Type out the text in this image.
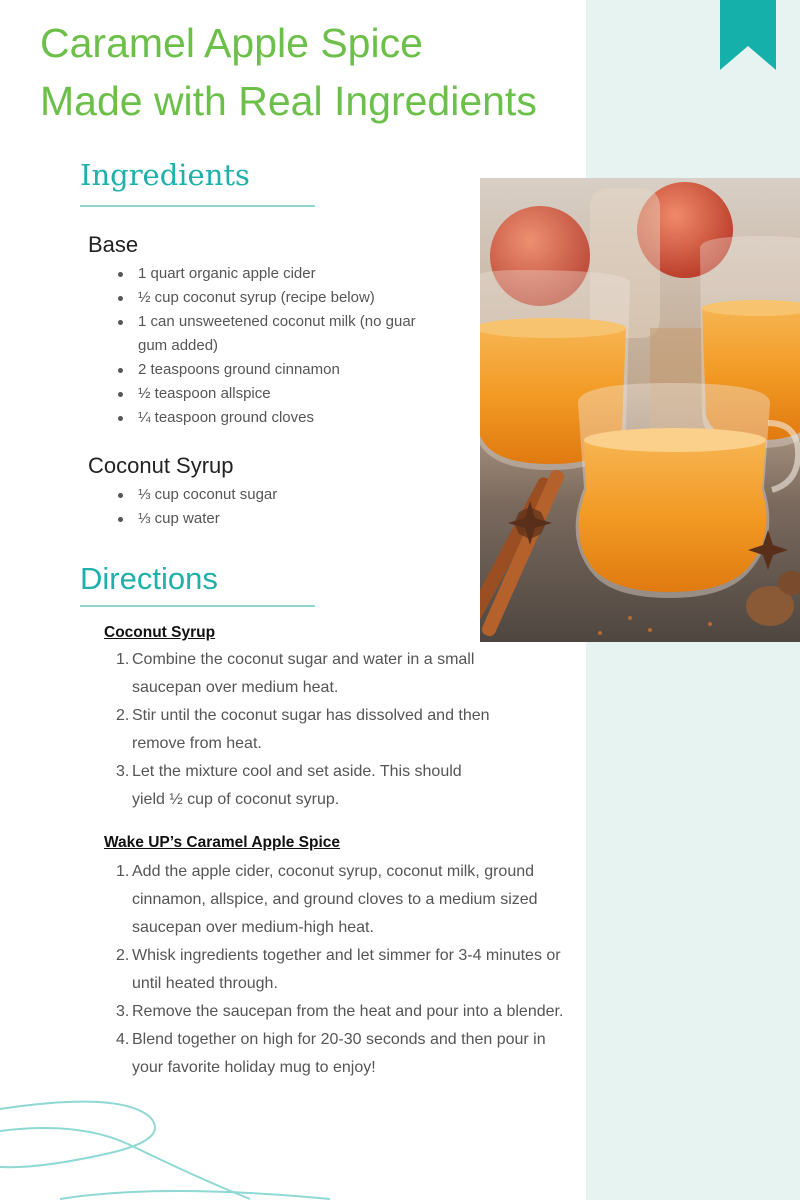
Caramel Apple Spice
Made with Real Ingredients
Ingredients
Base
1 quart organic apple cider
½ cup coconut syrup (recipe below)
1 can unsweetened coconut milk (no guar gum added)
2 teaspoons ground cinnamon
½ teaspoon allspice
¼ teaspoon ground cloves
Coconut Syrup
⅓ cup coconut sugar
⅓ cup water
Directions
Coconut Syrup
1. Combine the coconut sugar and water in a small saucepan over medium heat.
2. Stir until the coconut sugar has dissolved and then remove from heat.
3. Let the mixture cool and set aside. This should yield ½ cup of coconut syrup.
Wake UP’s Caramel Apple Spice
1. Add the apple cider, coconut syrup, coconut milk, ground cinnamon, allspice, and ground cloves to a medium sized saucepan over medium-high heat.
2. Whisk ingredients together and let simmer for 3-4 minutes or until heated through.
3. Remove the saucepan from the heat and pour into a blender.
4. Blend together on high for 20-30 seconds and then pour in your favorite holiday mug to enjoy!
